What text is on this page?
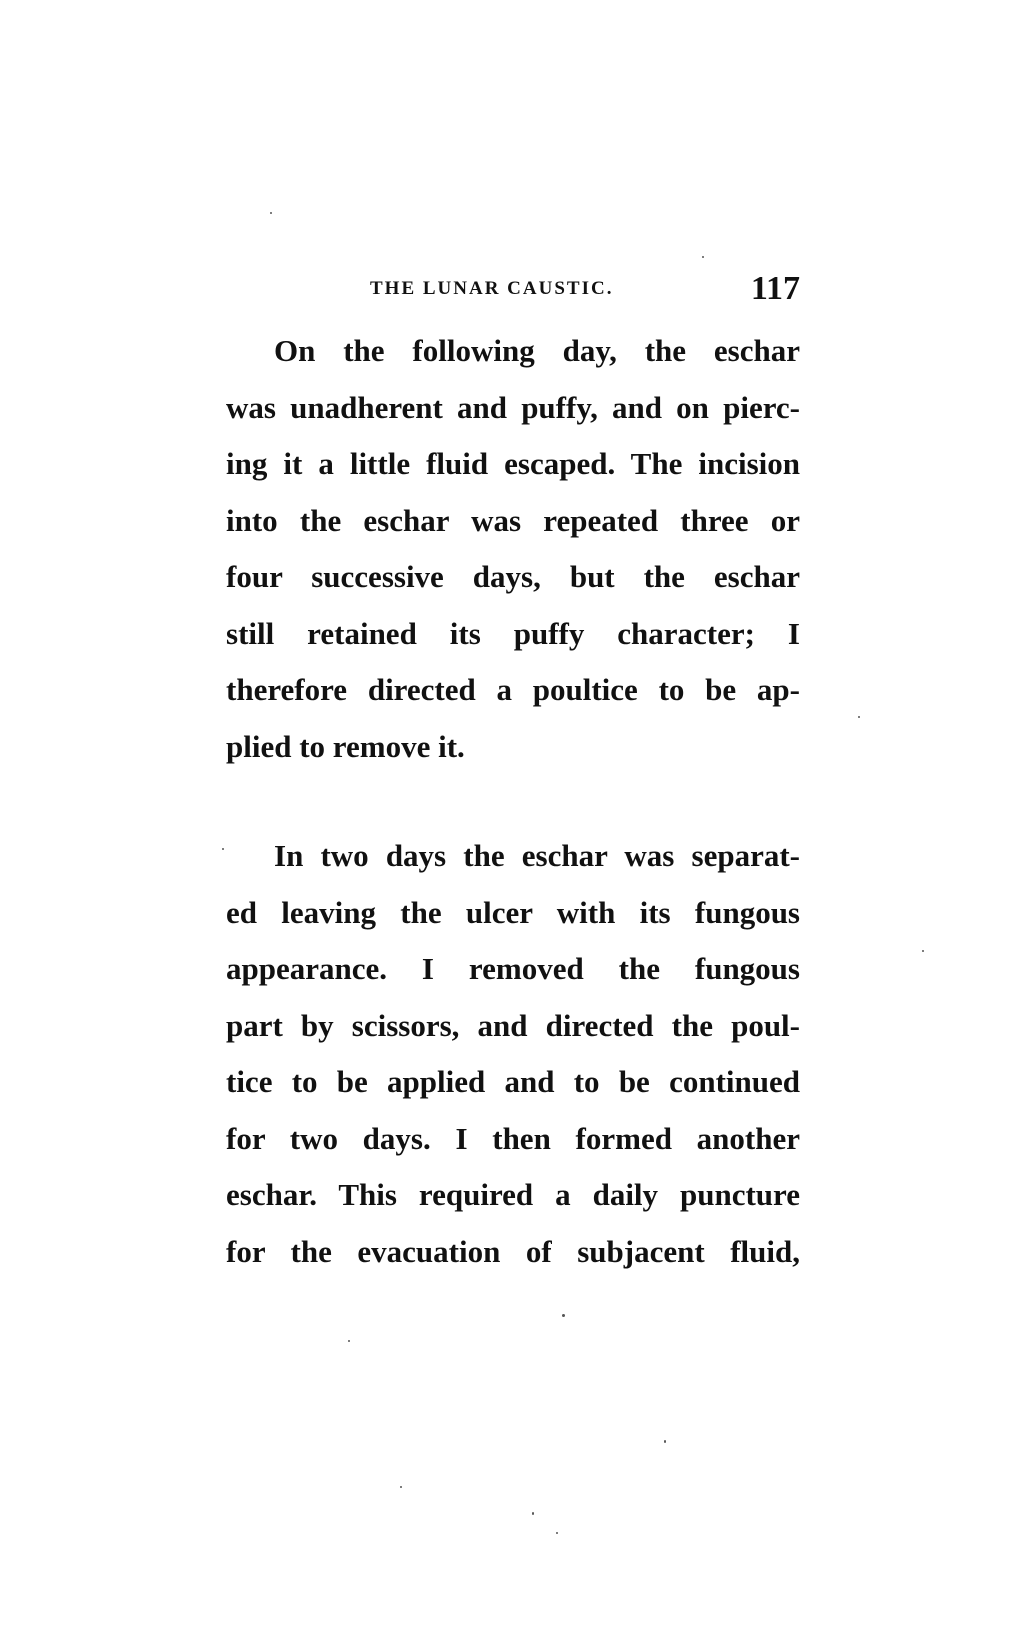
THE LUNAR CAUSTIC.	117
On the following day, the eschar
was unadherent and puffy, and on pierc-
ing it a little fluid escaped. The incision
into the eschar was repeated three or
four successive days, but the eschar
still retained its puffy character; I
therefore directed a poultice to be ap-
plied to remove it.
In two days the eschar was separat-
ed leaving the ulcer with its fungous
appearance. I removed the fungous
part by scissors, and directed the poul-
tice to be applied and to be continued
for two days. I then formed another
eschar. This required a daily puncture
for the evacuation of subjacent fluid,
